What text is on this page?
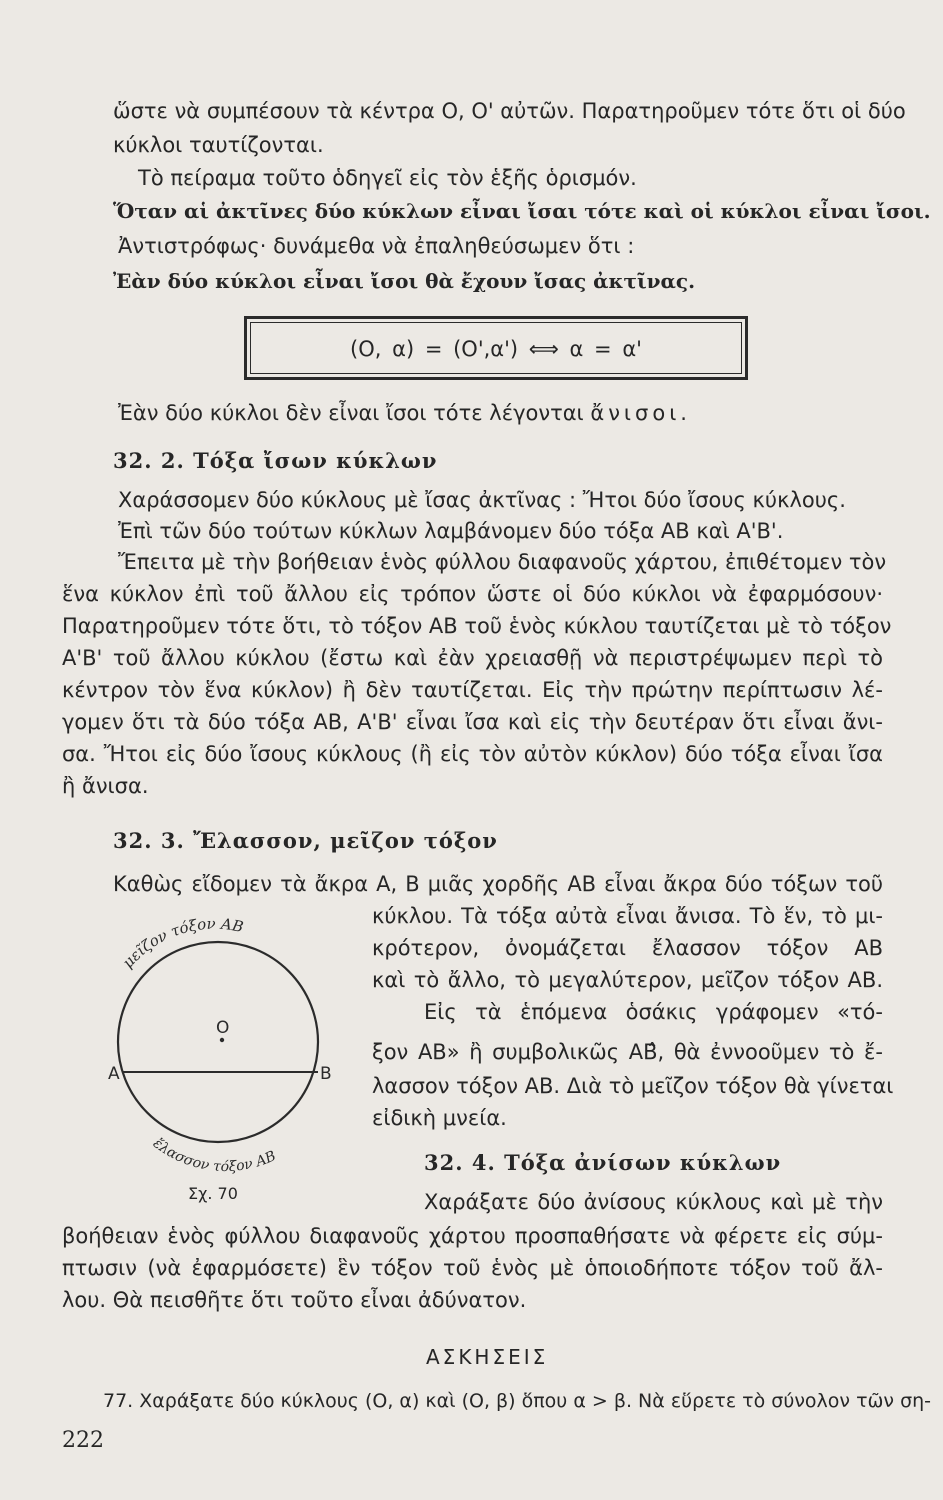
ὥστε νὰ συμπέσουν τὰ κέντρα Ο, Ο' αὐτῶν. Παρατηροῦμεν τότε ὅτι οἱ δύο
κύκλοι ταυτίζονται.
Τὸ πείραμα τοῦτο ὁδηγεῖ εἰς τὸν ἑξῆς ὁρισμόν.
Ὅταν αἱ ἀκτῖνες δύο κύκλων εἶναι ἴσαι τότε καὶ οἱ κύκλοι εἶναι ἴσοι.
Ἀντιστρόφως· δυνάμεθα νὰ ἐπαληθεύσωμεν ὅτι :
Ἐὰν δύο κύκλοι εἶναι ἴσοι θὰ ἔχουν ἴσας ἀκτῖνας.
(Ο, α) = (Ο',α') ⟺ α = α'
Ἐὰν δύο κύκλοι δὲν εἶναι ἴσοι τότε λέγονται ἄνισοι.
32. 2. Τόξα ἴσων κύκλων
Χαράσσομεν δύο κύκλους μὲ ἴσας ἀκτῖνας : Ἤτοι δύο ἴσους κύκλους.
Ἐπὶ τῶν δύο τούτων κύκλων λαμβάνομεν δύο τόξα ΑΒ καὶ Α'Β'.
Ἔπειτα μὲ τὴν βοήθειαν ἑνὸς φύλλου διαφανοῦς χάρτου, ἐπιθέτομεν τὸν
ἕνα κύκλον ἐπὶ τοῦ ἄλλου εἰς τρόπον ὥστε οἱ δύο κύκλοι νὰ ἐφαρμόσουν·
Παρατηροῦμεν τότε ὅτι, τὸ τόξον ΑΒ τοῦ ἑνὸς κύκλου ταυτίζεται μὲ τὸ τόξον
Α'Β' τοῦ ἄλλου κύκλου (ἔστω καὶ ἐὰν χρειασθῇ νὰ περιστρέψωμεν περὶ τὸ
κέντρον τὸν ἕνα κύκλον) ἢ δὲν ταυτίζεται. Εἰς τὴν πρώτην περίπτωσιν λέ-
γομεν ὅτι τὰ δύο τόξα ΑΒ, Α'Β' εἶναι ἴσα καὶ εἰς τὴν δευτέραν ὅτι εἶναι ἄνι-
σα. Ἤτοι εἰς δύο ἴσους κύκλους (ἢ εἰς τὸν αὐτὸν κύκλον) δύο τόξα εἶναι ἴσα
ἢ ἄνισα.
32. 3. Ἔλασσον, μεῖζον τόξον
Καθὼς εἴδομεν τὰ ἄκρα Α, Β μιᾶς χορδῆς ΑΒ εἶναι ἄκρα δύο τόξων τοῦ
κύκλου. Τὰ τόξα αὐτὰ εἶναι ἄνισα. Τὸ ἕν, τὸ μι-
κρότερον, ὀνομάζεται ἔλασσον τόξον ΑΒ
καὶ τὸ ἄλλο, τὸ μεγαλύτερον, μεῖζον τόξον ΑΒ.
Εἰς τὰ ἑπόμενα ὁσάκις γράφομεν «τό-
ξον ΑΒ» ἢ συμβολικῶς ΑΒ̂, θὰ ἐννοοῦμεν τὸ ἔ-
λασσον τόξον ΑΒ. Διὰ τὸ μεῖζον τόξον θὰ γίνεται
εἰδικὴ μνεία.
Ο
Α	Β
μεῖζον τόξον ΑΒ
ἔλασσον τόξον ΑΒ
Σχ. 70
32. 4. Τόξα ἀνίσων κύκλων
Χαράξατε δύο ἀνίσους κύκλους καὶ μὲ τὴν
βοήθειαν ἑνὸς φύλλου διαφανοῦς χάρτου προσπαθήσατε νὰ φέρετε εἰς σύμ-
πτωσιν (νὰ ἐφαρμόσετε) ἓν τόξον τοῦ ἑνὸς μὲ ὁποιοδήποτε τόξον τοῦ ἄλ-
λου. Θὰ πεισθῆτε ὅτι τοῦτο εἶναι ἀδύνατον.
ΑΣΚΗΣΕΙΣ
77. Χαράξατε δύο κύκλους (Ο, α) καὶ (Ο, β) ὅπου α > β. Νὰ εὕρετε τὸ σύνολον τῶν ση-
222
